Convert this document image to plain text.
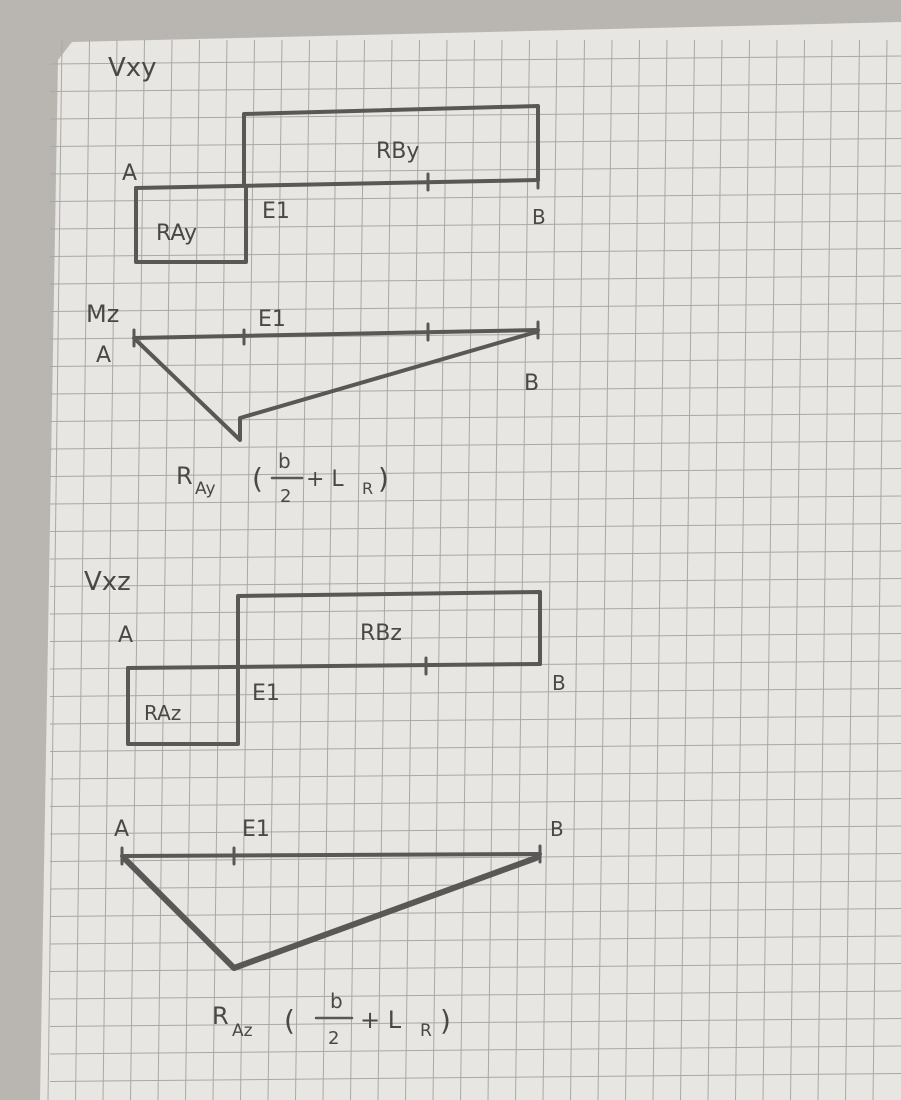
Vxy
A
E1	B
RAy
RBy
Mz
A
E1
B
R Ay (
b
2
+ L R )
Vxz
A
E1	B
RAz
RBz
A	E1	B
R
Az (
b
2
+ L R )
